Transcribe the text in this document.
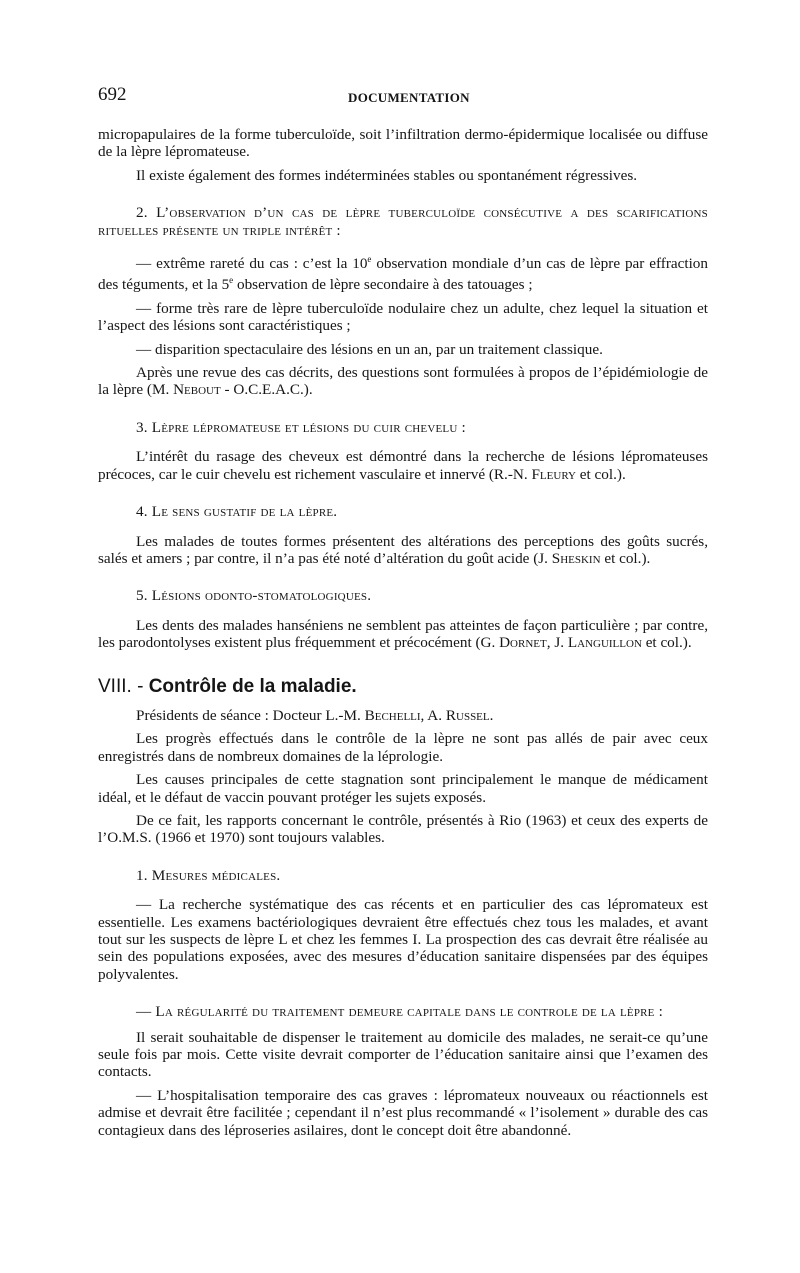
692	DOCUMENTATION

micropapulaires de la forme tuberculoïde, soit l’infiltration dermo-épidermique localisée ou diffuse de la lèpre lépromateuse.

Il existe également des formes indéterminées stables ou spontanément régressives.

2. L’observation d’un cas de lèpre tuberculoïde consécutive a des scarifications rituelles présente un triple intérêt :

— extrême rareté du cas : c’est la 10e observation mondiale d’un cas de lèpre par effraction des téguments, et la 5e observation de lèpre secondaire à des tatouages ;

— forme très rare de lèpre tuberculoïde nodulaire chez un adulte, chez lequel la situation et l’aspect des lésions sont caractéristiques ;

— disparition spectaculaire des lésions en un an, par un traitement classique.

Après une revue des cas décrits, des questions sont formulées à propos de l’épidémiologie de la lèpre (M. Nebout - O.C.E.A.C.).

3. Lèpre lépromateuse et lésions du cuir chevelu :

L’intérêt du rasage des cheveux est démontré dans la recherche de lésions lépromateuses précoces, car le cuir chevelu est richement vasculaire et innervé (R.-N. Fleury et col.).

4. Le sens gustatif de la lèpre.

Les malades de toutes formes présentent des altérations des perceptions des goûts sucrés, salés et amers ; par contre, il n’a pas été noté d’altération du goût acide (J. Sheskin et col.).

5. Lésions odonto-stomatologiques.

Les dents des malades hanséniens ne semblent pas atteintes de façon particulière ; par contre, les parodontolyses existent plus fréquemment et précocément (G. Dornet, J. Languillon et col.).

VIII. - Contrôle de la maladie.

Présidents de séance : Docteur L.-M. Bechelli, A. Russel.

Les progrès effectués dans le contrôle de la lèpre ne sont pas allés de pair avec ceux enregistrés dans de nombreux domaines de la léprologie.

Les causes principales de cette stagnation sont principalement le manque de médicament idéal, et le défaut de vaccin pouvant protéger les sujets exposés.

De ce fait, les rapports concernant le contrôle, présentés à Rio (1963) et ceux des experts de l’O.M.S. (1966 et 1970) sont toujours valables.

1. Mesures médicales.

— La recherche systématique des cas récents et en particulier des cas lépromateux est essentielle. Les examens bactériologiques devraient être effectués chez tous les malades, et avant tout sur les suspects de lèpre L et chez les femmes I. La prospection des cas devrait être réalisée au sein des populations exposées, avec des mesures d’éducation sanitaire dispensées par des équipes polyvalentes.

— La régularité du traitement demeure capitale dans le controle de la lèpre :

Il serait souhaitable de dispenser le traitement au domicile des malades, ne serait-ce qu’une seule fois par mois. Cette visite devrait comporter de l’éducation sanitaire ainsi que l’examen des contacts.

— L’hospitalisation temporaire des cas graves : lépromateux nouveaux ou réactionnels est admise et devrait être facilitée ; cependant il n’est plus recommandé « l’isolement » durable des cas contagieux dans des léproseries asilaires, dont le concept doit être abandonné.
